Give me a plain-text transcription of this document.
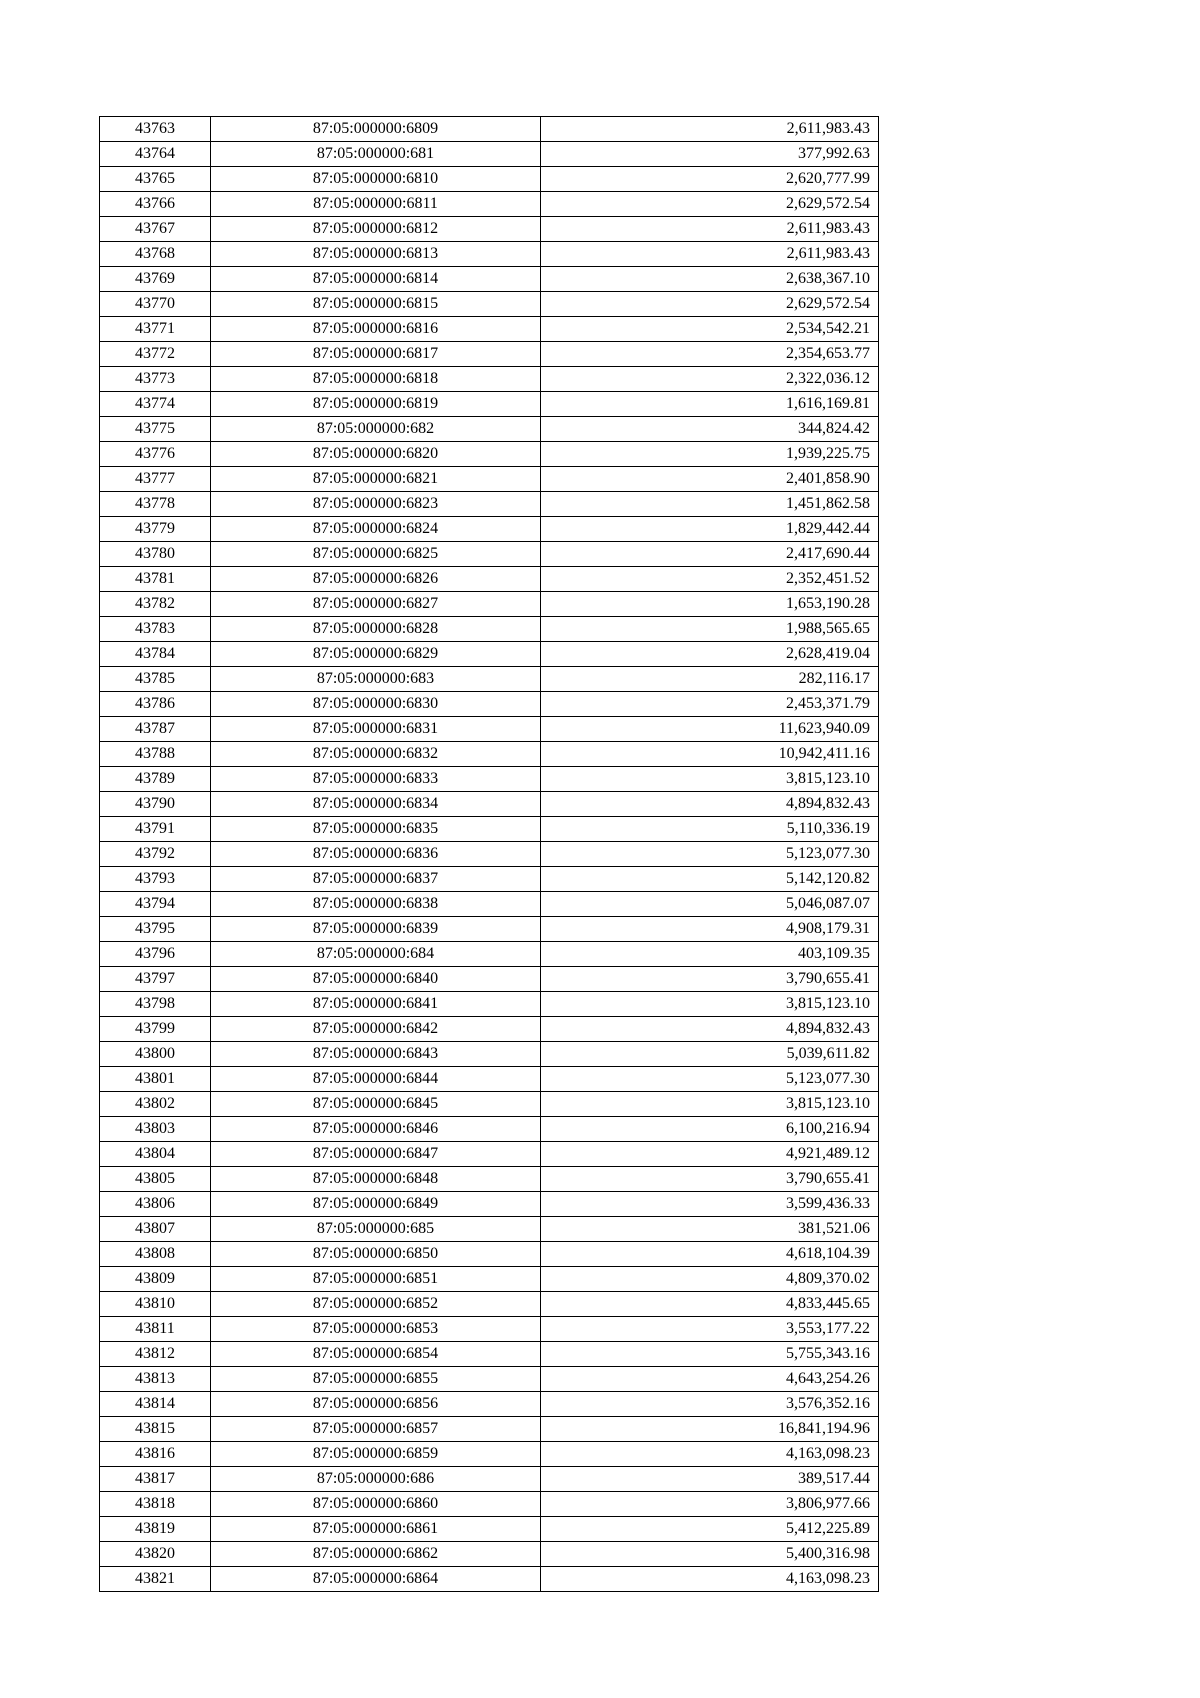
43763	87:05:000000:6809	2,611,983.43
43764	87:05:000000:681	377,992.63
43765	87:05:000000:6810	2,620,777.99
43766	87:05:000000:6811	2,629,572.54
43767	87:05:000000:6812	2,611,983.43
43768	87:05:000000:6813	2,611,983.43
43769	87:05:000000:6814	2,638,367.10
43770	87:05:000000:6815	2,629,572.54
43771	87:05:000000:6816	2,534,542.21
43772	87:05:000000:6817	2,354,653.77
43773	87:05:000000:6818	2,322,036.12
43774	87:05:000000:6819	1,616,169.81
43775	87:05:000000:682	344,824.42
43776	87:05:000000:6820	1,939,225.75
43777	87:05:000000:6821	2,401,858.90
43778	87:05:000000:6823	1,451,862.58
43779	87:05:000000:6824	1,829,442.44
43780	87:05:000000:6825	2,417,690.44
43781	87:05:000000:6826	2,352,451.52
43782	87:05:000000:6827	1,653,190.28
43783	87:05:000000:6828	1,988,565.65
43784	87:05:000000:6829	2,628,419.04
43785	87:05:000000:683	282,116.17
43786	87:05:000000:6830	2,453,371.79
43787	87:05:000000:6831	11,623,940.09
43788	87:05:000000:6832	10,942,411.16
43789	87:05:000000:6833	3,815,123.10
43790	87:05:000000:6834	4,894,832.43
43791	87:05:000000:6835	5,110,336.19
43792	87:05:000000:6836	5,123,077.30
43793	87:05:000000:6837	5,142,120.82
43794	87:05:000000:6838	5,046,087.07
43795	87:05:000000:6839	4,908,179.31
43796	87:05:000000:684	403,109.35
43797	87:05:000000:6840	3,790,655.41
43798	87:05:000000:6841	3,815,123.10
43799	87:05:000000:6842	4,894,832.43
43800	87:05:000000:6843	5,039,611.82
43801	87:05:000000:6844	5,123,077.30
43802	87:05:000000:6845	3,815,123.10
43803	87:05:000000:6846	6,100,216.94
43804	87:05:000000:6847	4,921,489.12
43805	87:05:000000:6848	3,790,655.41
43806	87:05:000000:6849	3,599,436.33
43807	87:05:000000:685	381,521.06
43808	87:05:000000:6850	4,618,104.39
43809	87:05:000000:6851	4,809,370.02
43810	87:05:000000:6852	4,833,445.65
43811	87:05:000000:6853	3,553,177.22
43812	87:05:000000:6854	5,755,343.16
43813	87:05:000000:6855	4,643,254.26
43814	87:05:000000:6856	3,576,352.16
43815	87:05:000000:6857	16,841,194.96
43816	87:05:000000:6859	4,163,098.23
43817	87:05:000000:686	389,517.44
43818	87:05:000000:6860	3,806,977.66
43819	87:05:000000:6861	5,412,225.89
43820	87:05:000000:6862	5,400,316.98
43821	87:05:000000:6864	4,163,098.23
